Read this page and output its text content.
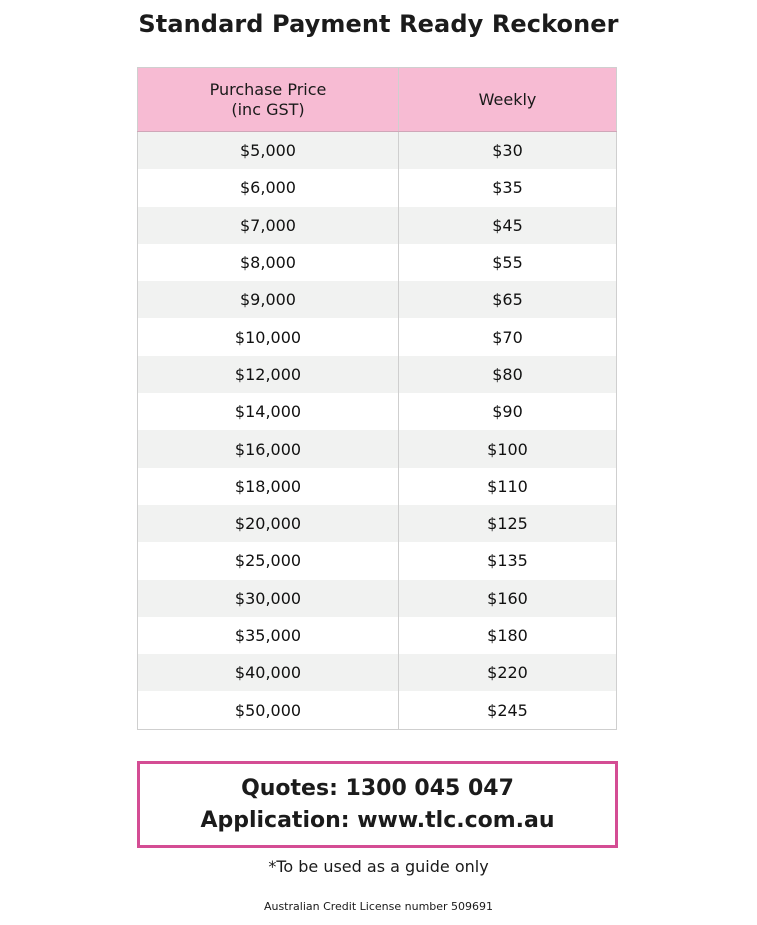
Standard Payment Ready Reckoner
Purchase Price
(inc GST)	Weekly
$5,000	$30
$6,000	$35
$7,000	$45
$8,000	$55
$9,000	$65
$10,000	$70
$12,000	$80
$14,000	$90
$16,000	$100
$18,000	$110
$20,000	$125
$25,000	$135
$30,000	$160
$35,000	$180
$40,000	$220
$50,000	$245
Quotes: 1300 045 047
Application: www.tlc.com.au
*To be used as a guide only
Australian Credit License number 509691
